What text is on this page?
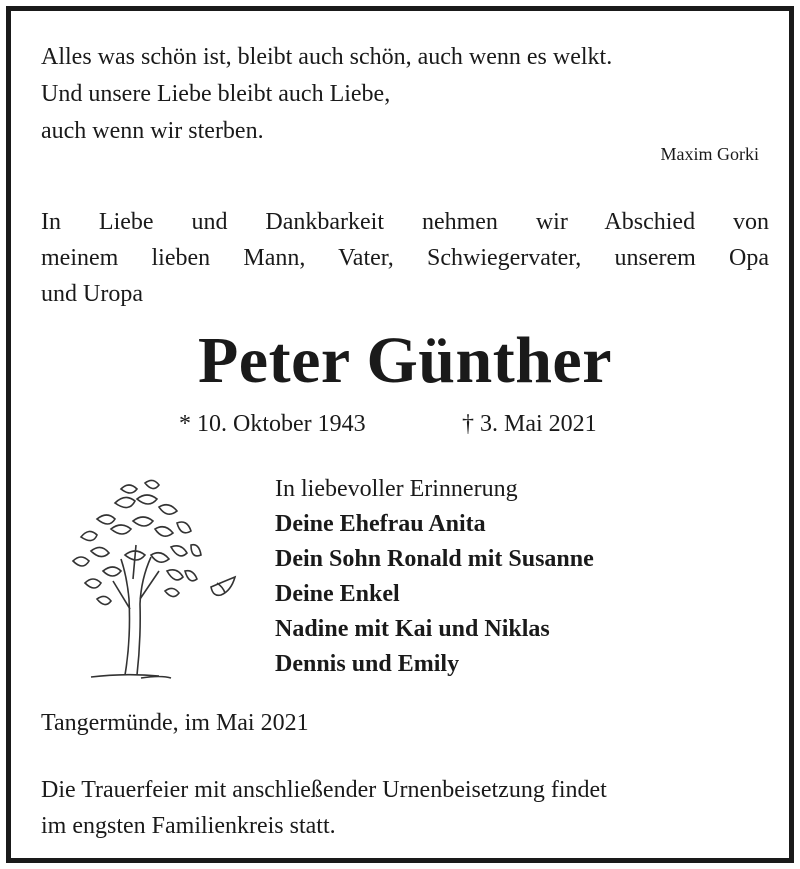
Alles was schön ist, bleibt auch schön, auch wenn es welkt.
Und unsere Liebe bleibt auch Liebe,
auch wenn wir sterben.
Maxim Gorki
In Liebe und Dankbarkeit nehmen wir Abschied von
meinem lieben Mann, Vater, Schwiegervater, unserem Opa
und Uropa
Peter Günther
* 10. Oktober 1943	† 3. Mai 2021
In liebevoller Erinnerung
Deine Ehefrau Anita
Dein Sohn Ronald mit Susanne
Deine Enkel
Nadine mit Kai und Niklas
Dennis und Emily
Tangermünde, im Mai 2021
Die Trauerfeier mit anschließender Urnenbeisetzung findet
im engsten Familienkreis statt.
